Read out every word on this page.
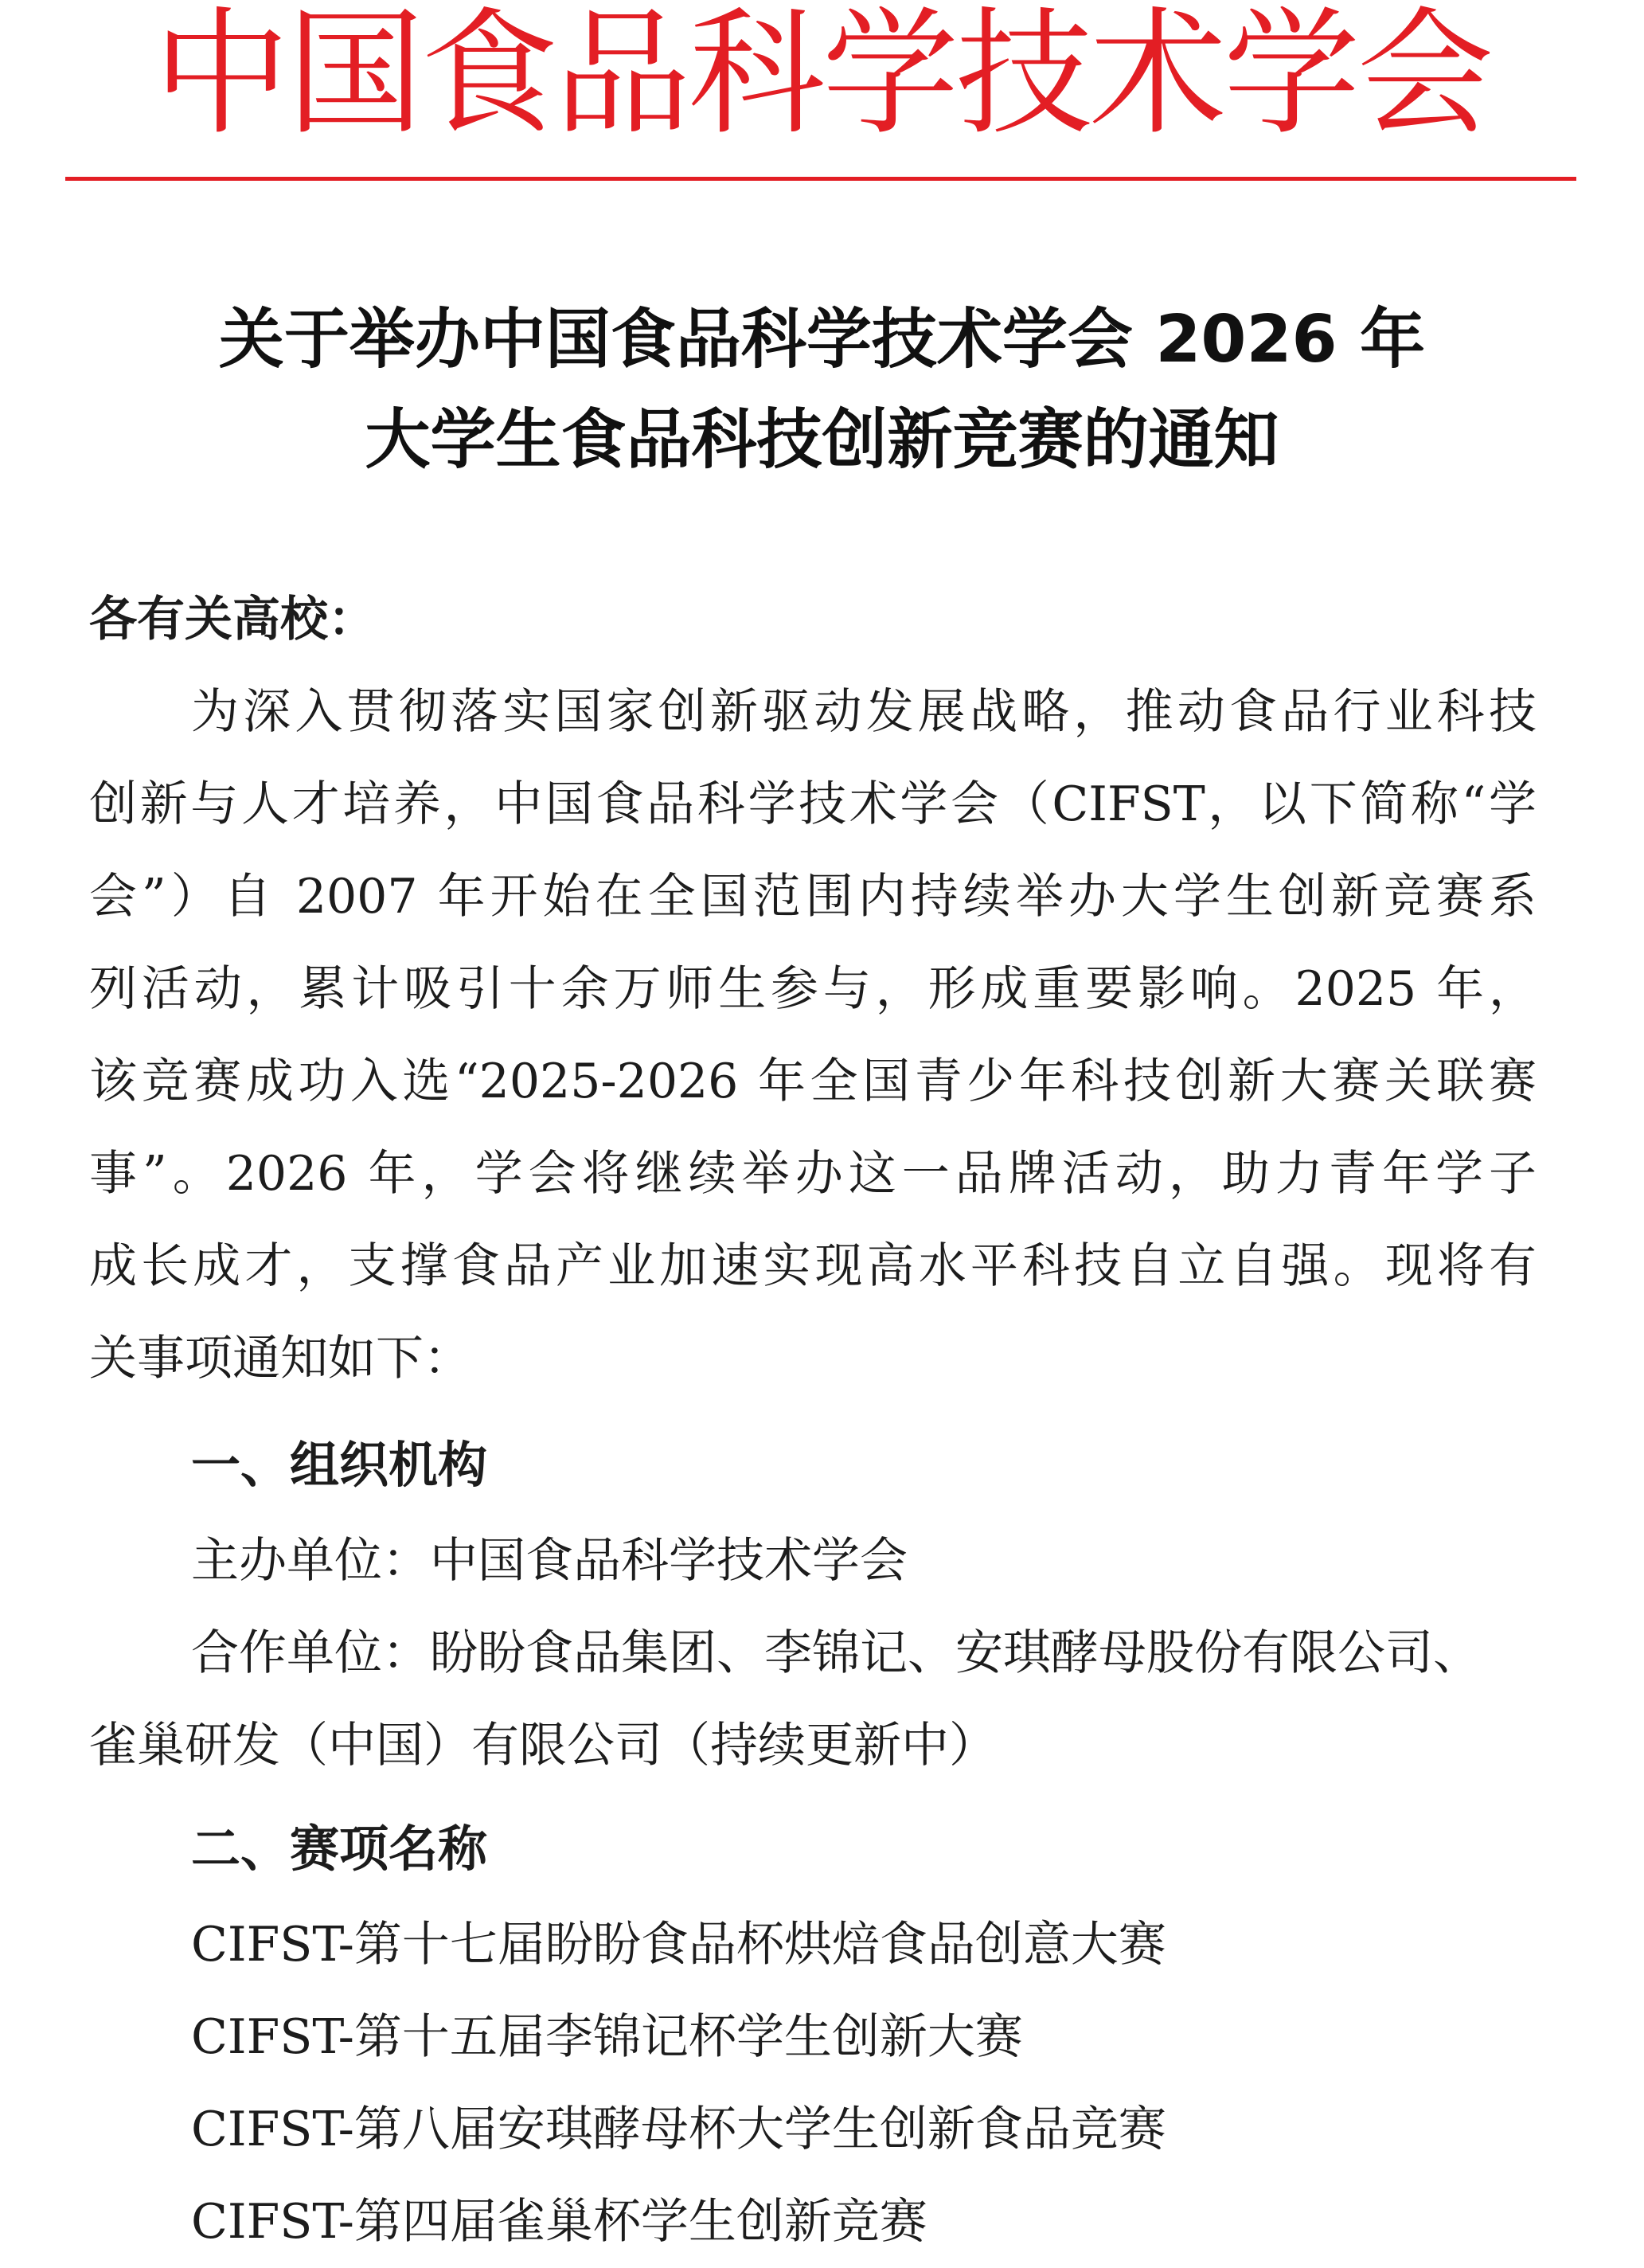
中国食品科学技术学会
关于举办中国食品科学技术学会 2026 年
大学生食品科技创新竞赛的通知
各有关高校：
为深入贯彻落实国家创新驱动发展战略，推动食品行业科技
创新与人才培养，中国食品科学技术学会（CIFST，以下简称“学
会”）自 2007 年开始在全国范围内持续举办大学生创新竞赛系
列活动，累计吸引十余万师生参与，形成重要影响。2025 年，
该竞赛成功入选“2025-2026 年全国青少年科技创新大赛关联赛
事”。2026 年，学会将继续举办这一品牌活动，助力青年学子
成长成才，支撑食品产业加速实现高水平科技自立自强。现将有
关事项通知如下：
一、组织机构
主办单位：中国食品科学技术学会
合作单位：盼盼食品集团、李锦记、安琪酵母股份有限公司、
雀巢研发（中国）有限公司（持续更新中）
二、赛项名称
CIFST-第十七届盼盼食品杯烘焙食品创意大赛
CIFST-第十五届李锦记杯学生创新大赛
CIFST-第八届安琪酵母杯大学生创新食品竞赛
CIFST-第四届雀巢杯学生创新竞赛
